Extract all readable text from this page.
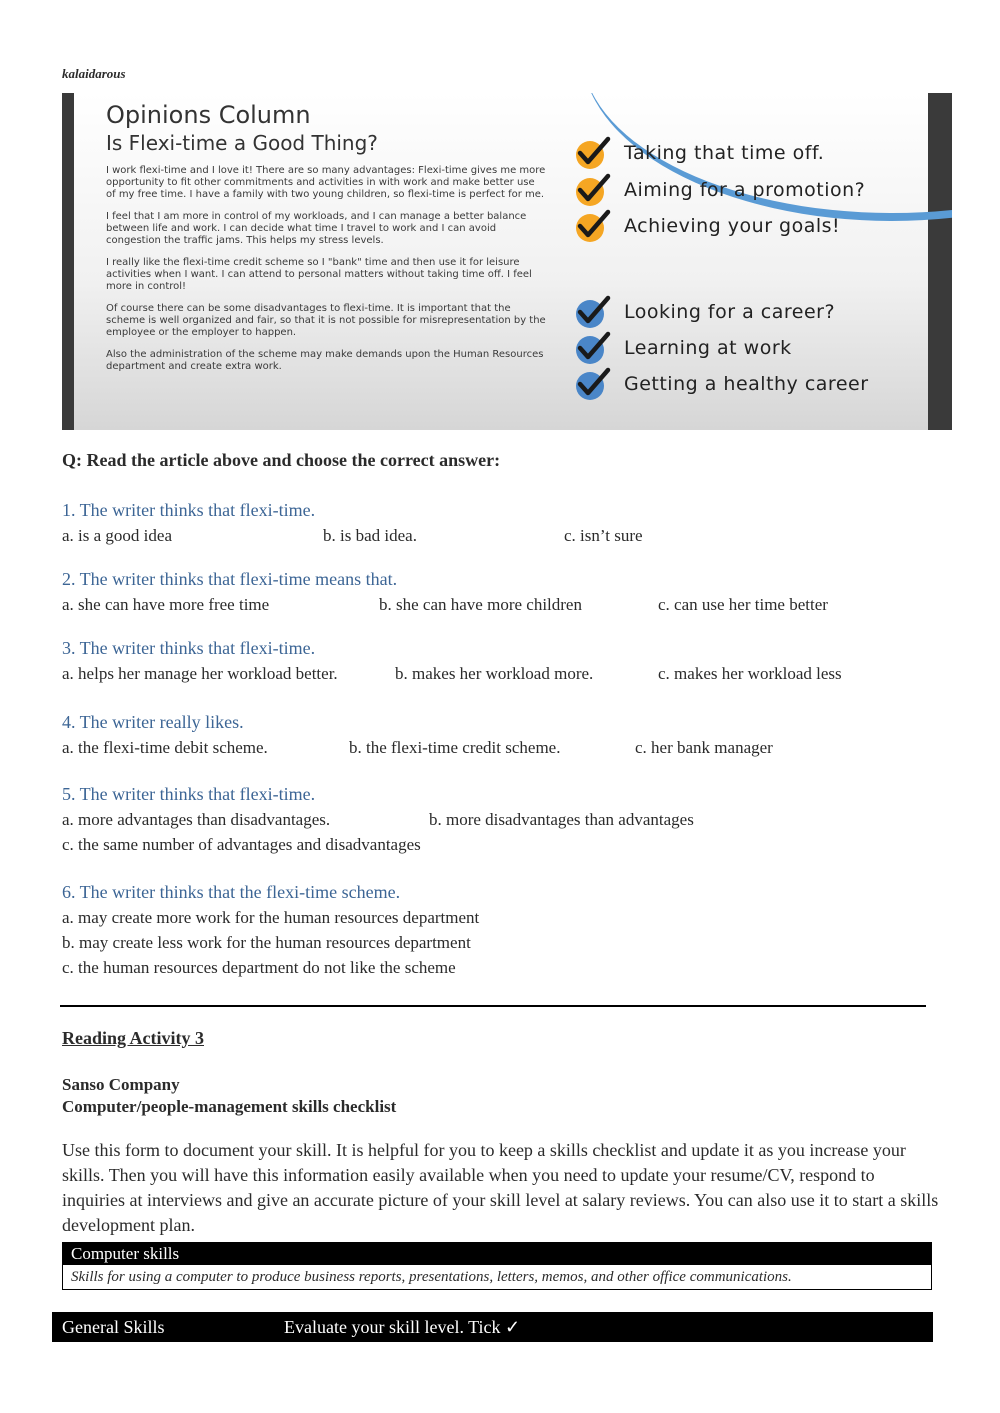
kalaidarous
Opinions Column
Is Flexi-time a Good Thing?

I work flexi-time and I love it! There are so many advantages: Flexi-time gives me more opportunity to fit other commitments and activities in with work and make better use of my free time. I have a family with two young children, so flexi-time is perfect for me.

I feel that I am more in control of my workloads, and I can manage a better balance between life and work. I can decide what time I travel to work and I can avoid congestion the traffic jams. This helps my stress levels.

I really like the flexi-time credit scheme so I "bank" time and then use it for leisure activities when I want. I can attend to personal matters without taking time off. I feel more in control!

Of course there can be some disadvantages to flexi-time. It is important that the scheme is well organized and fair, so that it is not possible for misrepresentation by the employee or the employer to happen.

Also the administration of the scheme may make demands upon the Human Resources department and create extra work.

Taking that time off.
Aiming for a promotion?
Achieving your goals!
Looking for a career?
Learning at work
Getting a healthy career
Q: Read the article above and choose the correct answer:
1. The writer thinks that flexi-time.
a. is a good idea	b. is bad idea.	c. isn’t sure
2. The writer thinks that flexi-time means that.
a. she can have more free time	b. she can have more children	c. can use her time better
3. The writer thinks that flexi-time.
a. helps her manage her workload better.	b. makes her workload more.	c. makes her workload less
4. The writer really likes.
a. the flexi-time debit scheme.	b. the flexi-time credit scheme.	c. her bank manager
5. The writer thinks that flexi-time.
a. more advantages than disadvantages.	b. more disadvantages than advantages
c. the same number of advantages and disadvantages
6. The writer thinks that the flexi-time scheme.
a. may create more work for the human resources department
b. may create less work for the human resources department
c. the human resources department do not like the scheme
Reading Activity 3
Sanso Company
Computer/people-management skills checklist
Use this form to document your skill. It is helpful for you to keep a skills checklist and update it as you increase your skills. Then you will have this information easily available when you need to update your resume/CV, respond to inquiries at interviews and give an accurate picture of your skill level at salary reviews. You can also use it to start a skills development plan.
Computer skills
Skills for using a computer to produce business reports, presentations, letters, memos, and other office communications.
General Skills	Evaluate your skill level. Tick ✓
